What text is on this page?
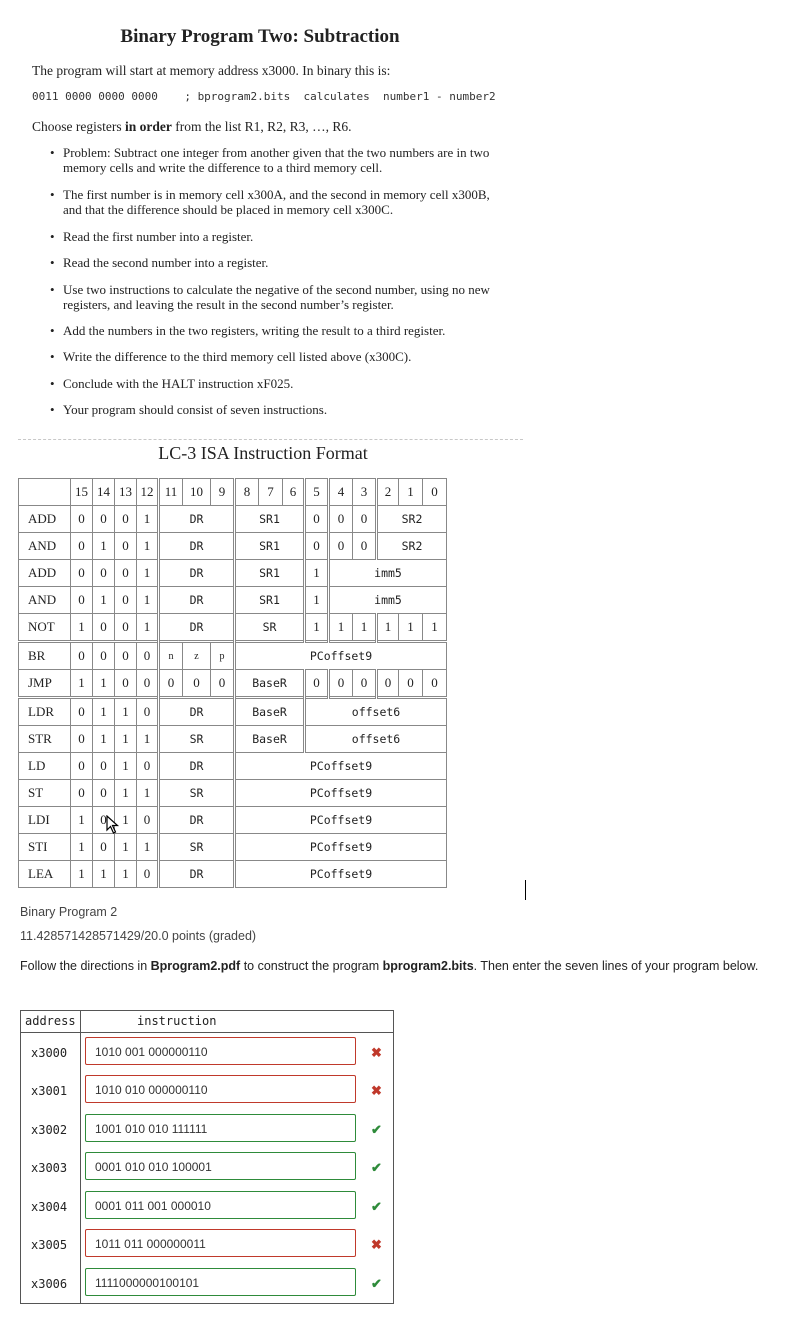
Binary Program Two: Subtraction
The program will start at memory address x3000. In binary this is:
0011 0000 0000 0000    ; bprogram2.bits  calculates  number1 - number2
Choose registers in order from the list R1, R2, R3, …, R6.
• Problem: Subtract one integer from another given that the two numbers are in two memory cells and write the difference to a third memory cell.
• The first number is in memory cell x300A, and the second in memory cell x300B, and that the difference should be placed in memory cell x300C.
• Read the first number into a register.
• Read the second number into a register.
• Use two instructions to calculate the negative of the second number, using no new registers, and leaving the result in the second number’s register.
• Add the numbers in the two registers, writing the result to a third register.
• Write the difference to the third memory cell listed above (x300C).
• Conclude with the HALT instruction xF025.
• Your program should consist of seven instructions.
LC-3 ISA Instruction Format
	15	14	13	12	11	10	9	8	7	6	5	4	3	2	1	0
ADD	0	0	0	1	DR			SR1			0	0	0	SR2		
AND	0	1	0	1	DR			SR1			0	0	0	SR2		
ADD	0	0	0	1	DR			SR1			1	imm5				
AND	0	1	0	1	DR			SR1			1	imm5				
NOT	1	0	0	1	DR			SR			1	1	1	1	1	1
BR	0	0	0	0	n	z	p	PCoffset9								
JMP	1	1	0	0	0	0	0	BaseR			0	0	0	0	0	0
LDR	0	1	1	0	DR			BaseR			offset6					
STR	0	1	1	1	SR			BaseR			offset6					
LD	0	0	1	0	DR			PCoffset9								
ST	0	0	1	1	SR			PCoffset9								
LDI	1	0	1	0	DR			PCoffset9								
STI	1	0	1	1	SR			PCoffset9								
LEA	1	1	1	0	DR			PCoffset9								
Binary Program 2
11.428571428571429/20.0 points (graded)
Follow the directions in Bprogram2.pdf to construct the program bprogram2.bits. Then enter the seven lines of your program below.
address	instruction
x3000	1010 001 000000110	✖
x3001	1010 010 000000110	✖
x3002	1001 010 010 111111	✔
x3003	0001 010 010 100001	✔
x3004	0001 011 001 000010	✔
x3005	1011 011 000000011	✖
x3006	1111000000100101	✔
